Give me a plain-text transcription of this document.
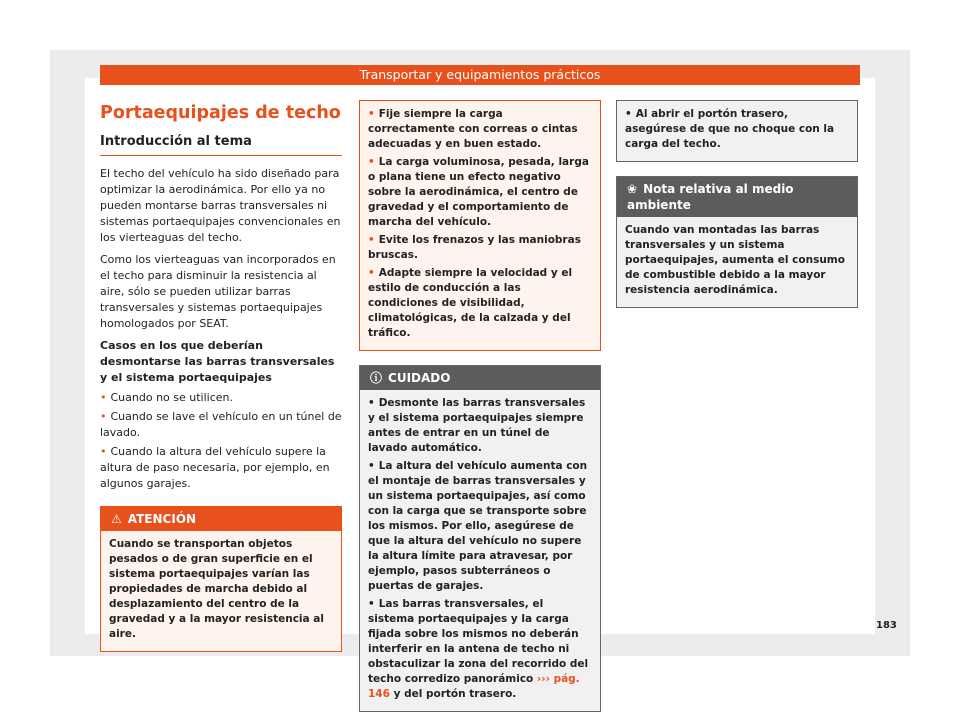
Transportar y equipamientos prácticos
Portaequipajes de techo
Introducción al tema

El techo del vehículo ha sido diseñado para optimizar la aerodinámica. Por ello ya no pueden montarse barras transversales ni sistemas portaequipajes convencionales en los vierteaguas del techo.

Como los vierteaguas van incorporados en el techo para disminuir la resistencia al aire, sólo se pueden utilizar barras transversales y sistemas portaequipajes homologados por SEAT.

Casos en los que deberían desmontarse las barras transversales y el sistema portaequipajes
• Cuando no se utilicen.
• Cuando se lave el vehículo en un túnel de lavado.
• Cuando la altura del vehículo supere la altura de paso necesaria, por ejemplo, en algunos garajes.
⚠ ATENCIÓN

Cuando se transportan objetos pesados o de gran superficie en el sistema portaequipajes varían las propiedades de marcha debido al desplazamiento del centro de la gravedad y a la mayor resistencia al aire.

• Fije siempre la carga correctamente con correas o cintas adecuadas y en buen estado.
• La carga voluminosa, pesada, larga o plana tiene un efecto negativo sobre la aerodinámica, el centro de gravedad y el comportamiento de marcha del vehículo.
• Evite los frenazos y las maniobras bruscas.
• Adapte siempre la velocidad y el estilo de conducción a las condiciones de visibilidad, climatológicas, de la calzada y del tráfico.
ⓘ CUIDADO
• Desmonte las barras transversales y el sistema portaequipajes siempre antes de entrar en un túnel de lavado automático.
• La altura del vehículo aumenta con el montaje de barras transversales y un sistema portaequipajes, así como con la carga que se transporte sobre los mismos. Por ello, asegúrese de que la altura del vehículo no supere la altura límite para atravesar, por ejemplo, pasos subterráneos o puertas de garajes.
• Las barras transversales, el sistema portaequipajes y la carga fijada sobre los mismos no deberán interferir en la antena de techo ni obstaculizar la zona del recorrido del techo corredizo panorámico ››› pág. 146 y del portón trasero.
• Al abrir el portón trasero, asegúrese de que no choque con la carga del techo.
❀ Nota relativa al medio ambiente

Cuando van montadas las barras transversales y un sistema portaequipajes, aumenta el consumo de combustible debido a la mayor resistencia aerodinámica.

183
